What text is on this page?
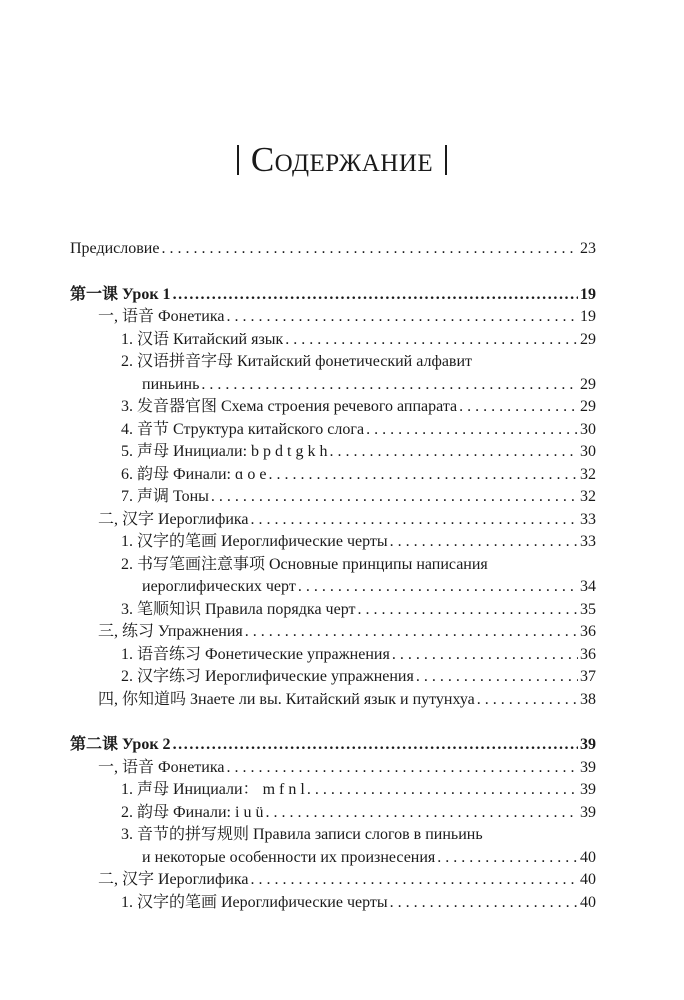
Содержание
Предисловие . . .	23
第一课 Урок 1 .....	19
一, 语音 Фонетика . . .	19
1. 汉语 Китайский язык . . .	29
2. 汉语拼音字母 Китайский фонетический алфавит
пиньинь . . .	29
3. 发音器官图 Схема строения речевого аппарата . . .	29
4. 音节 Структура китайского слога . . .	30
5. 声母 Инициали: b p d t g k h . . .	30
6. 韵母 Финали: ɑ o e . . .	32
7. 声调 Тоны . . .	32
二, 汉字 Иероглифика . . .	33
1. 汉字的笔画 Иероглифические черты . . .	33
2. 书写笔画注意事项 Основные принципы написания
иероглифических черт . . .	34
3. 笔顺知识 Правила порядка черт . . .	35
三, 练习 Упражнения . . .	36
1. 语音练习 Фонетические упражнения . . .	36
2. 汉字练习 Иероглифические упражнения . . .	37
四, 你知道吗 Знаете ли вы. Китайский язык и путунхуа . . .	38
第二课 Урок 2 .....	39
一, 语音 Фонетика . . .	39
1. 声母 Инициали： m f n l . . .	39
2. 韵母 Финали: i u ü . . .	39
3. 音节的拼写规则 Правила записи слогов в пиньинь
и некоторые особенности их произнесения . . .	40
二, 汉字 Иероглифика . . .	40
1. 汉字的笔画 Иероглифические черты . . .	40
